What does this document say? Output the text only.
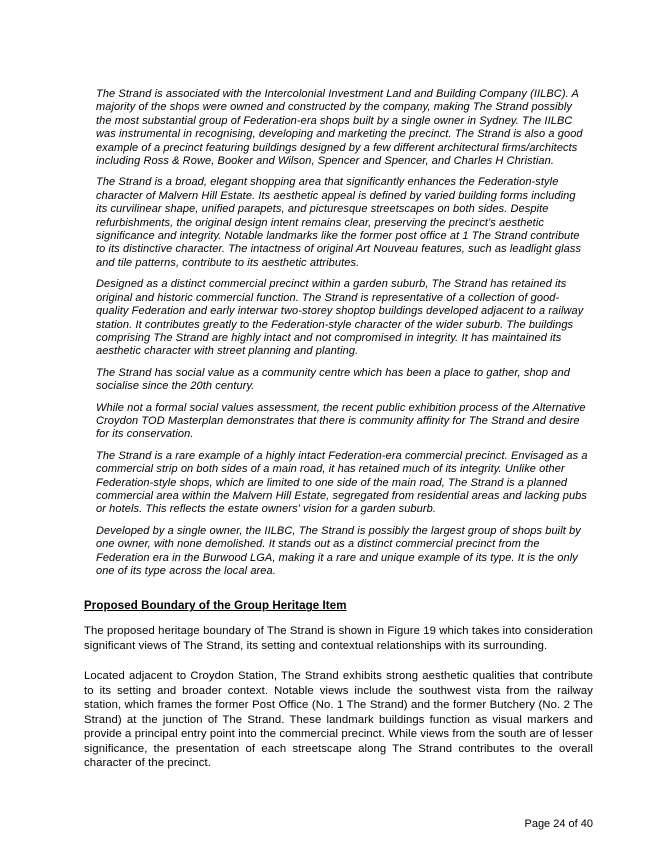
The Strand is associated with the Intercolonial Investment Land and Building Company (IILBC). A majority of the shops were owned and constructed by the company, making The Strand possibly the most substantial group of Federation-era shops built by a single owner in Sydney. The IILBC was instrumental in recognising, developing and marketing the precinct. The Strand is also a good example of a precinct featuring buildings designed by a few different architectural firms/architects including Ross & Rowe, Booker and Wilson, Spencer and Spencer, and Charles H Christian.

The Strand is a broad, elegant shopping area that significantly enhances the Federation-style character of Malvern Hill Estate. Its aesthetic appeal is defined by varied building forms including its curvilinear shape, unified parapets, and picturesque streetscapes on both sides. Despite refurbishments, the original design intent remains clear, preserving the precinct's aesthetic significance and integrity. Notable landmarks like the former post office at 1 The Strand contribute to its distinctive character. The intactness of original Art Nouveau features, such as leadlight glass and tile patterns, contribute to its aesthetic attributes.

Designed as a distinct commercial precinct within a garden suburb, The Strand has retained its original and historic commercial function. The Strand is representative of a collection of good-quality Federation and early interwar two-storey shoptop buildings developed adjacent to a railway station. It contributes greatly to the Federation-style character of the wider suburb. The buildings comprising The Strand are highly intact and not compromised in integrity. It has maintained its aesthetic character with street planning and planting.

The Strand has social value as a community centre which has been a place to gather, shop and socialise since the 20th century.

While not a formal social values assessment, the recent public exhibition process of the Alternative Croydon TOD Masterplan demonstrates that there is community affinity for The Strand and desire for its conservation.

The Strand is a rare example of a highly intact Federation-era commercial precinct. Envisaged as a commercial strip on both sides of a main road, it has retained much of its integrity. Unlike other Federation-style shops, which are limited to one side of the main road, The Strand is a planned commercial area within the Malvern Hill Estate, segregated from residential areas and lacking pubs or hotels. This reflects the estate owners' vision for a garden suburb.

Developed by a single owner, the IILBC, The Strand is possibly the largest group of shops built by one owner, with none demolished. It stands out as a distinct commercial precinct from the Federation era in the Burwood LGA, making it a rare and unique example of its type. It is the only one of its type across the local area.

Proposed Boundary of the Group Heritage Item

The proposed heritage boundary of The Strand is shown in Figure 19 which takes into consideration significant views of The Strand, its setting and contextual relationships with its surrounding.

Located adjacent to Croydon Station, The Strand exhibits strong aesthetic qualities that contribute to its setting and broader context. Notable views include the southwest vista from the railway station, which frames the former Post Office (No. 1 The Strand) and the former Butchery (No. 2 The Strand) at the junction of The Strand. These landmark buildings function as visual markers and provide a principal entry point into the commercial precinct. While views from the south are of lesser significance, the presentation of each streetscape along The Strand contributes to the overall character of the precinct.

Page 24 of 40
